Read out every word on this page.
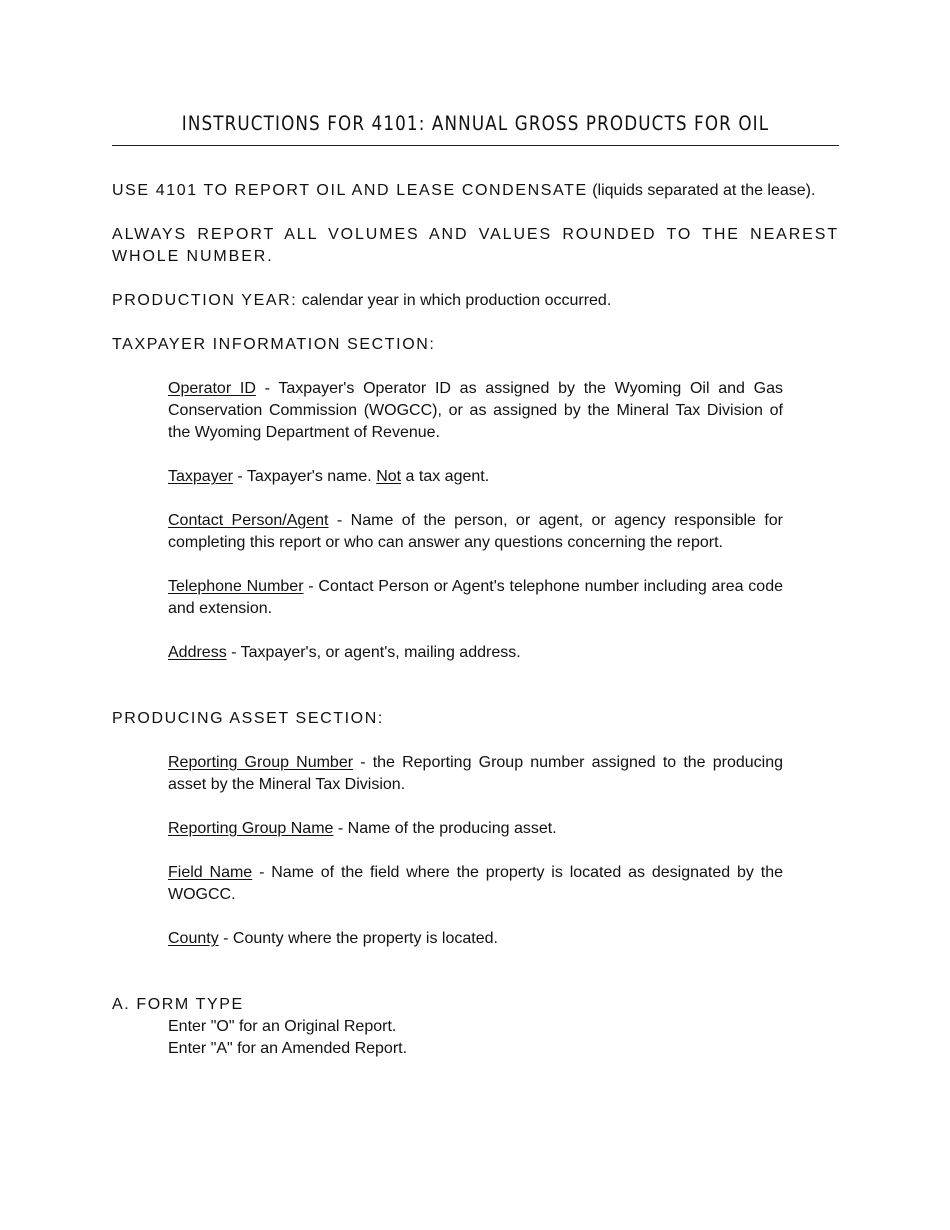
INSTRUCTIONS FOR 4101: ANNUAL GROSS PRODUCTS FOR OIL
USE 4101 TO REPORT OIL AND LEASE CONDENSATE (liquids separated at the lease).
ALWAYS REPORT ALL VOLUMES AND VALUES ROUNDED TO THE NEAREST WHOLE NUMBER.
PRODUCTION YEAR: calendar year in which production occurred.
TAXPAYER INFORMATION SECTION:
Operator ID - Taxpayer's Operator ID as assigned by the Wyoming Oil and Gas Conservation Commission (WOGCC), or as assigned by the Mineral Tax Division of the Wyoming Department of Revenue.
Taxpayer - Taxpayer's name. Not a tax agent.
Contact Person/Agent - Name of the person, or agent, or agency responsible for completing this report or who can answer any questions concerning the report.
Telephone Number - Contact Person or Agent's telephone number including area code and extension.
Address - Taxpayer's, or agent's, mailing address.
PRODUCING ASSET SECTION:
Reporting Group Number - the Reporting Group number assigned to the producing asset by the Mineral Tax Division.
Reporting Group Name - Name of the producing asset.
Field Name - Name of the field where the property is located as designated by the WOGCC.
County - County where the property is located.
A. FORM TYPE
Enter "O" for an Original Report.
Enter "A" for an Amended Report.
